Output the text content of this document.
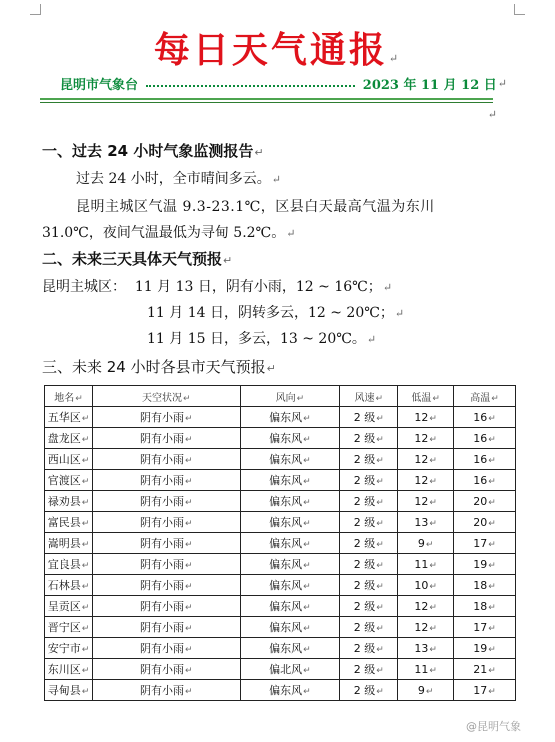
每日天气通报↵
昆明市气象台	2023 年 11 月 12 日 ↵
↵
一、过去 24 小时气象监测报告↵
过去 24 小时，全市晴间多云。↵
昆明主城区气温 9.3-23.1℃，区县白天最高气温为东川
31.0℃，夜间气温最低为寻甸 5.2℃。↵
二、未来三天具体天气预报↵
昆明主城区：  11 月 13 日，阴有小雨，12 ~ 16℃；↵
11 月 14 日，阴转多云，12 ~ 20℃；↵
11 月 15 日，多云，13 ~ 20℃。↵
三、未来 24 小时各县市天气预报↵
地名↵	天空状况↵	风向↵	风速↵	低温↵	高温↵
五华区↵	阴有小雨↵	偏东风↵	2 级↵	12↵	16↵
盘龙区↵	阴有小雨↵	偏东风↵	2 级↵	12↵	16↵
西山区↵	阴有小雨↵	偏东风↵	2 级↵	12↵	16↵
官渡区↵	阴有小雨↵	偏东风↵	2 级↵	12↵	16↵
禄劝县↵	阴有小雨↵	偏东风↵	2 级↵	12↵	20↵
富民县↵	阴有小雨↵	偏东风↵	2 级↵	13↵	20↵
嵩明县↵	阴有小雨↵	偏东风↵	2 级↵	9↵	17↵
宜良县↵	阴有小雨↵	偏东风↵	2 级↵	11↵	19↵
石林县↵	阴有小雨↵	偏东风↵	2 级↵	10↵	18↵
呈贡区↵	阴有小雨↵	偏东风↵	2 级↵	12↵	18↵
晋宁区↵	阴有小雨↵	偏东风↵	2 级↵	12↵	17↵
安宁市↵	阴有小雨↵	偏东风↵	2 级↵	13↵	19↵
东川区↵	阴有小雨↵	偏北风↵	2 级↵	11↵	21↵
寻甸县↵	阴有小雨↵	偏东风↵	2 级↵	9↵	17↵
@昆明气象
